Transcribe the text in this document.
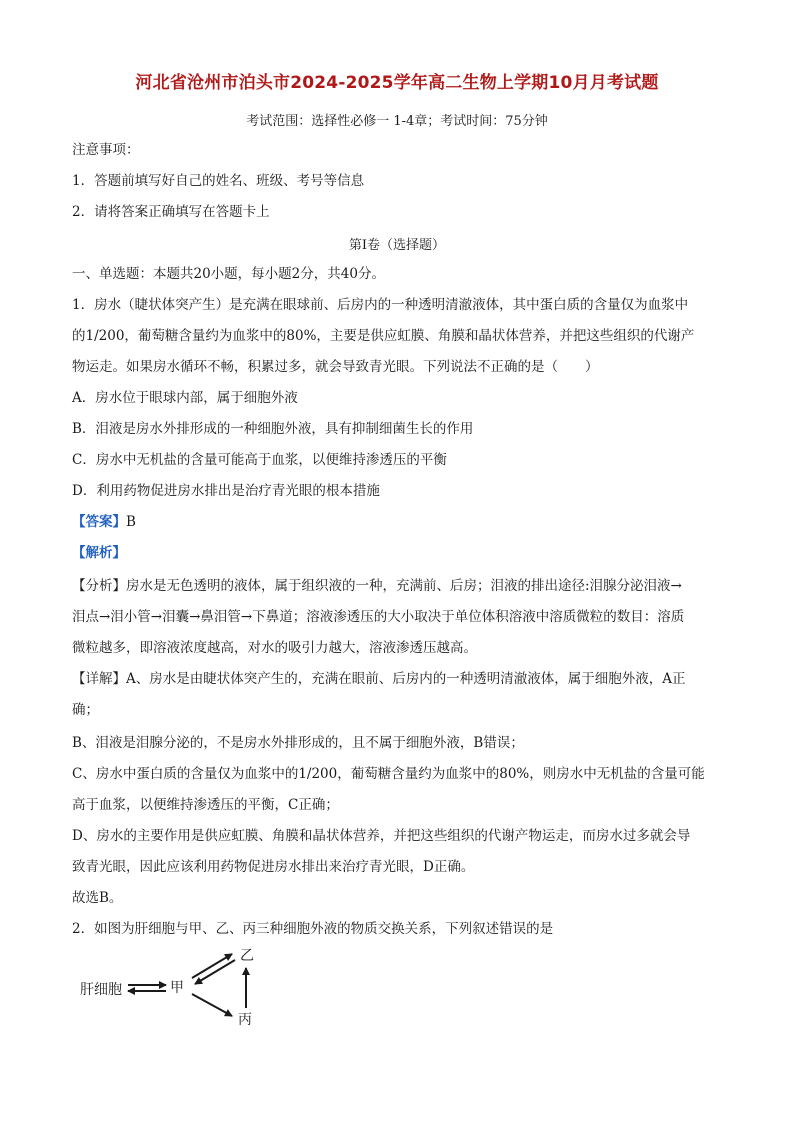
河北省沧州市泊头市2024-2025学年高二生物上学期10月月考试题
考试范围：选择性必修一 1-4章；考试时间：75分钟
注意事项：
1．答题前填写好自己的姓名、班级、考号等信息
2．请将答案正确填写在答题卡上
第I卷（选择题）
一、单选题：本题共20小题，每小题2分，共40分。
1．房水（睫状体突产生）是充满在眼球前、后房内的一种透明清澈液体，其中蛋白质的含量仅为血浆中
的1/200，葡萄糖含量约为血浆中的80%，主要是供应虹膜、角膜和晶状体营养，并把这些组织的代谢产
物运走。如果房水循环不畅，积累过多，就会导致青光眼。下列说法不正确的是（　　）
A．房水位于眼球内部，属于细胞外液
B．泪液是房水外排形成的一种细胞外液，具有抑制细菌生长的作用
C．房水中无机盐的含量可能高于血浆，以便维持渗透压的平衡
D．利用药物促进房水排出是治疗青光眼的根本措施
【答案】B
【解析】
【分析】房水是无色透明的液体，属于组织液的一种，充满前、后房；泪液的排出途径:泪腺分泌泪液→
泪点→泪小管→泪囊→鼻泪管→下鼻道；溶液渗透压的大小取决于单位体积溶液中溶质微粒的数目：溶质
微粒越多，即溶液浓度越高，对水的吸引力越大，溶液渗透压越高。
【详解】A、房水是由睫状体突产生的，充满在眼前、后房内的一种透明清澈液体，属于细胞外液，A正
确；
B、泪液是泪腺分泌的，不是房水外排形成的，且不属于细胞外液，B错误；
C、房水中蛋白质的含量仅为血浆中的1/200，葡萄糖含量约为血浆中的80%，则房水中无机盐的含量可能
高于血浆，以便维持渗透压的平衡，C正确；
D、房水的主要作用是供应虹膜、角膜和晶状体营养，并把这些组织的代谢产物运走，而房水过多就会导
致青光眼，因此应该利用药物促进房水排出来治疗青光眼，D正确。
故选B。
2．如图为肝细胞与甲、乙、丙三种细胞外液的物质交换关系，下列叙述错误的是
肝细胞	甲
乙
丙
